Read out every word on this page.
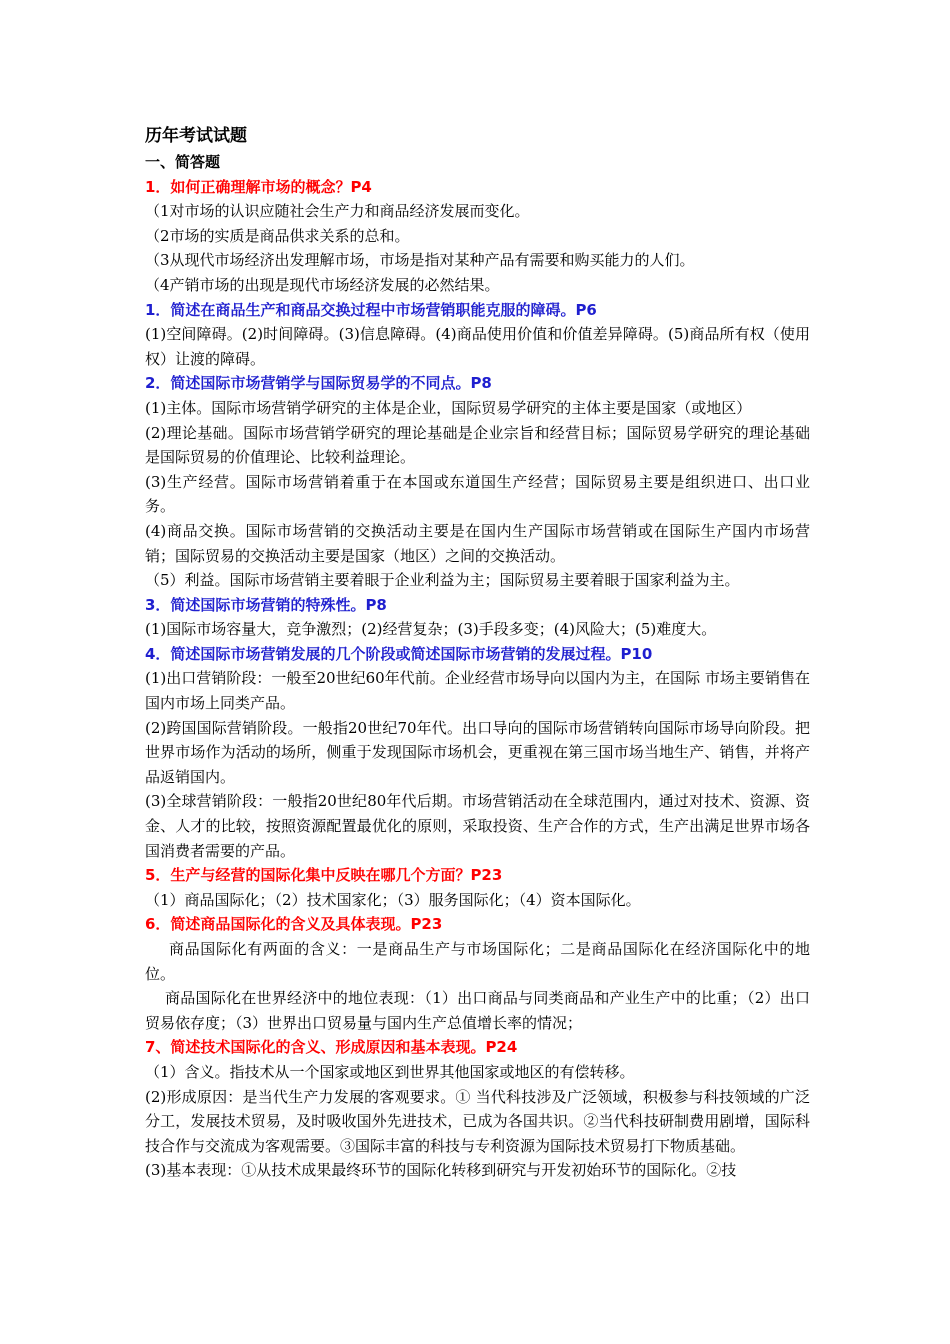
历年考试试题
一、简答题
1．如何正确理解市场的概念？P4
（1对市场的认识应随社会生产力和商品经济发展而变化。
（2市场的实质是商品供求关系的总和。
（3从现代市场经济出发理解市场，市场是指对某种产品有需要和购买能力的人们。
（4产销市场的出现是现代市场经济发展的必然结果。
1．简述在商品生产和商品交换过程中市场营销职能克服的障碍。P6
(1)空间障碍。(2)时间障碍。(3)信息障碍。(4)商品使用价值和价值差异障碍。(5)商品所有权（使用权）让渡的障碍。
2．简述国际市场营销学与国际贸易学的不同点。P8
(1)主体。国际市场营销学研究的主体是企业，国际贸易学研究的主体主要是国家（或地区）
(2)理论基础。国际市场营销学研究的理论基础是企业宗旨和经营目标；国际贸易学研究的理论基础是国际贸易的价值理论、比较利益理论。
(3)生产经营。国际市场营销着重于在本国或东道国生产经营；国际贸易主要是组织进口、出口业务。
(4)商品交换。国际市场营销的交换活动主要是在国内生产国际市场营销或在国际生产国内市场营销；国际贸易的交换活动主要是国家（地区）之间的交换活动。
（5）利益。国际市场营销主要着眼于企业利益为主；国际贸易主要着眼于国家利益为主。
3．简述国际市场营销的特殊性。P8
(1)国际市场容量大，竞争激烈；(2)经营复杂；(3)手段多变；(4)风险大；(5)难度大。
4．简述国际市场营销发展的几个阶段或简述国际市场营销的发展过程。P10
(1)出口营销阶段：一般至20世纪60年代前。企业经营市场导向以国内为主，在国际 市场主要销售在国内市场上同类产品。
(2)跨国国际营销阶段。一般指20世纪70年代。出口导向的国际市场营销转向国际市场导向阶段。把世界市场作为活动的场所，侧重于发现国际市场机会，更重视在第三国市场当地生产、销售，并将产品返销国内。
(3)全球营销阶段：一般指20世纪80年代后期。市场营销活动在全球范围内，通过对技术、资源、资金、人才的比较，按照资源配置最优化的原则，采取投资、生产合作的方式，生产出满足世界市场各国消费者需要的产品。
5．生产与经营的国际化集中反映在哪几个方面？P23
（1）商品国际化；（2）技术国家化；（3）服务国际化；（4）资本国际化。
6．简述商品国际化的含义及具体表现。P23
商品国际化有两面的含义：一是商品生产与市场国际化；二是商品国际化在经济国际化中的地位。
商品国际化在世界经济中的地位表现：（1）出口商品与同类商品和产业生产中的比重；（2）出口贸易依存度；（3）世界出口贸易量与国内生产总值增长率的情况；
7、简述技术国际化的含义、形成原因和基本表现。P24
（1）含义。指技术从一个国家或地区到世界其他国家或地区的有偿转移。
(2)形成原因：是当代生产力发展的客观要求。① 当代科技涉及广泛领域，积极参与科技领域的广泛分工，发展技术贸易，及时吸收国外先进技术，已成为各国共识。②当代科技研制费用剧增，国际科技合作与交流成为客观需要。③国际丰富的科技与专利资源为国际技术贸易打下物质基础。
(3)基本表现：①从技术成果最终环节的国际化转移到研究与开发初始环节的国际化。②技
